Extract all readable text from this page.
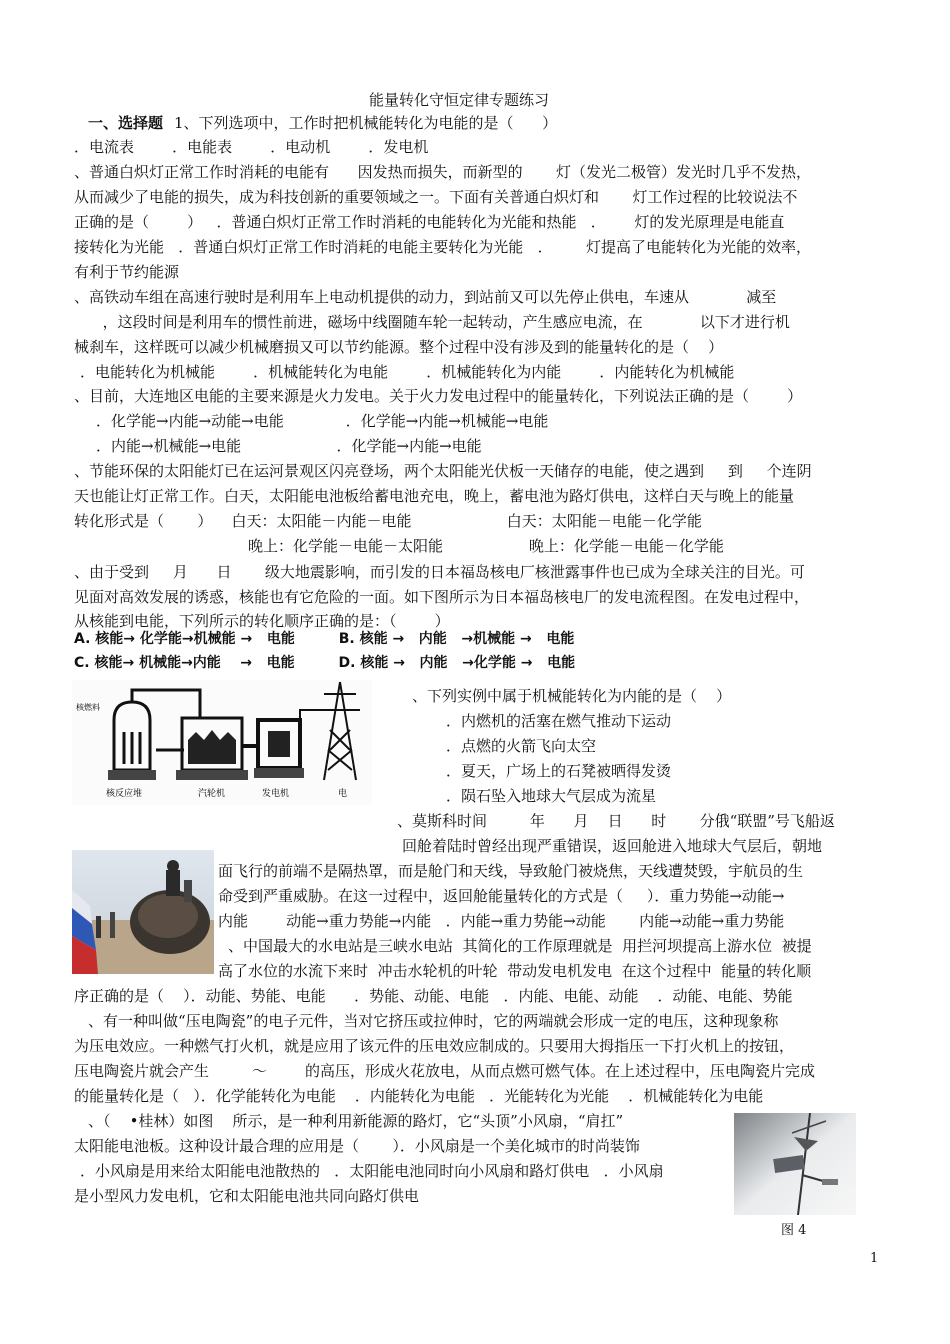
能量转化守恒定律专题练习
一、选择题 1、下列选项中，工作时把机械能转化为电能的是（      ）
．电流表        ．电能表        ．电动机        ．发电机
、普通白炽灯正常工作时消耗的电能有      因发热而损失，而新型的       灯（发光二极管）发光时几乎不发热，
从而减少了电能的损失，成为科技创新的重要领域之一。下面有关普通白炽灯和       灯工作过程的比较说法不
正确的是（        ）   ．普通白炽灯正常工作时消耗的电能转化为光能和热能   ．      灯的发光原理是电能直
接转化为光能   ．普通白炽灯正常工作时消耗的电能主要转化为光能   ．       灯提高了电能转化为光能的效率，
有利于节约能源
、高铁动车组在高速行驶时是利用车上电动机提供的动力，到站前又可以先停止供电，车速从            减至
，这段时间是利用车的惯性前进，磁场中线圈随车轮一起转动，产生感应电流，在            以下才进行机
械刹车，这样既可以减少机械磨损又可以节约能源。整个过程中没有涉及到的能量转化的是（    ）
．电能转化为机械能        ．机械能转化为电能        ．机械能转化为内能        ．内能转化为机械能
、目前，大连地区电能的主要来源是火力发电。关于火力发电过程中的能量转化，下列说法正确的是（        ）
．化学能→内能→动能→电能             ．化学能→内能→机械能→电能
．内能→机械能→电能                    ．化学能→内能→电能
、节能环保的太阳能灯已在运河景观区闪亮登场，两个太阳能光伏板一天储存的电能，使之遇到     到     个连阴
天也能让灯正常工作。白天，太阳能电池板给蓄电池充电，晚上，蓄电池为路灯供电，这样白天与晚上的能量
转化形式是（       ）    白天：太阳能－内能－电能                    白天：太阳能－电能－化学能
晚上：化学能－电能－太阳能                  晚上：化学能－电能－化学能
、由于受到     月      日       级大地震影响，而引发的日本福岛核电厂核泄露事件也已成为全球关注的目光。可
见面对高效发展的诱惑，核能也有它危险的一面。如下图所示为日本福岛核电厂的发电流程图。在发电过程中，
从核能到电能，下列所示的转化顺序正确的是：（        ）
A. 核能→ 化学能→机械能 →   电能         B. 核能 →   内能   →机械能 →   电能
C. 核能→ 机械能→内能    →   电能         D. 核能 →   内能   →化学能 →   电能
、下列实例中属于机械能转化为内能的是（    ）
．内燃机的活塞在燃气推动下运动
．点燃的火箭飞向太空
．夏天，广场上的石凳被晒得发烫
．陨石坠入地球大气层成为流星
、莫斯科时间         年      月    日      时       分俄“联盟”号飞船返
回舱着陆时曾经出现严重错误，返回舱进入地球大气层后，朝地
面飞行的前端不是隔热罩，而是舱门和天线，导致舱门被烧焦，天线遭焚毁，宇航员的生
命受到严重威胁。在这一过程中，返回舱能量转化的方式是（     ）．重力势能→动能→
内能        动能→重力势能→内能   ．内能→重力势能→动能       内能→动能→重力势能
、中国最大的水电站是三峡水电站  其简化的工作原理就是  用拦河坝提高上游水位  被提
高了水位的水流下来时  冲击水轮机的叶轮  带动发电机发电  在这个过程中  能量的转化顺
序正确的是（    ）．动能、势能、电能      ．势能、动能、电能   ．内能、电能、动能    ．动能、电能、势能
、有一种叫做“压电陶瓷”的电子元件，当对它挤压或拉伸时，它的两端就会形成一定的电压，这种现象称
为压电效应。一种燃气打火机，就是应用了该元件的压电效应制成的。只要用大拇指压一下打火机上的按钮，
压电陶瓷片就会产生         ～        的高压，形成火花放电，从而点燃可燃气体。在上述过程中，压电陶瓷片完成
的能量转化是（   ）．化学能转化为电能    ．内能转化为电能   ．光能转化为光能    ．机械能转化为电能
、（    •桂林）如图    所示，是一种利用新能源的路灯，它“头顶”小风扇，“肩扛”
太阳能电池板。这种设计最合理的应用是（       ）．小风扇是一个美化城市的时尚装饰
．小风扇是用来给太阳能电池散热的   ．太阳能电池同时向小风扇和路灯供电   ．小风扇
是小型风力发电机，它和太阳能电池共同向路灯供电
核燃料
核反应堆	汽轮机	发电机	电
图 4
1
